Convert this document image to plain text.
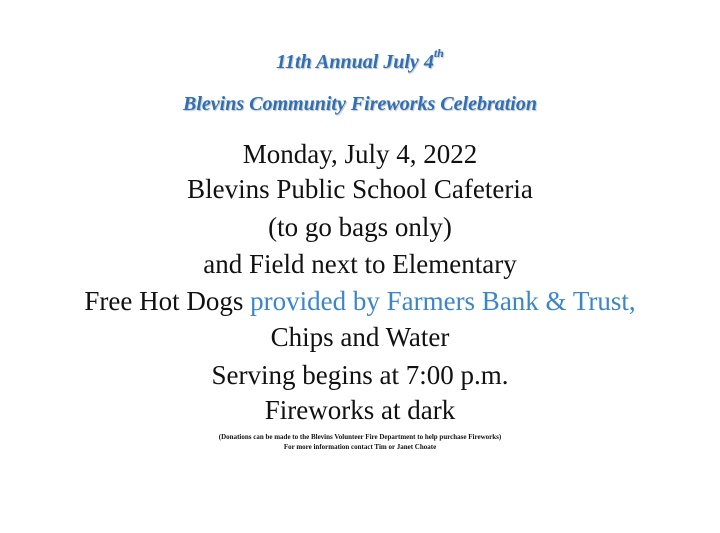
11th Annual July 4th
Blevins Community Fireworks Celebration
Monday, July 4, 2022
Blevins Public School Cafeteria
(to go bags only)
and Field next to Elementary
Free Hot Dogs provided by Farmers Bank & Trust,
Chips and Water
Serving begins at 7:00 p.m.
Fireworks at dark
(Donations can be made to the Blevins Volunteer Fire Department to help purchase Fireworks)
For more information contact Tim or Janet Choate
